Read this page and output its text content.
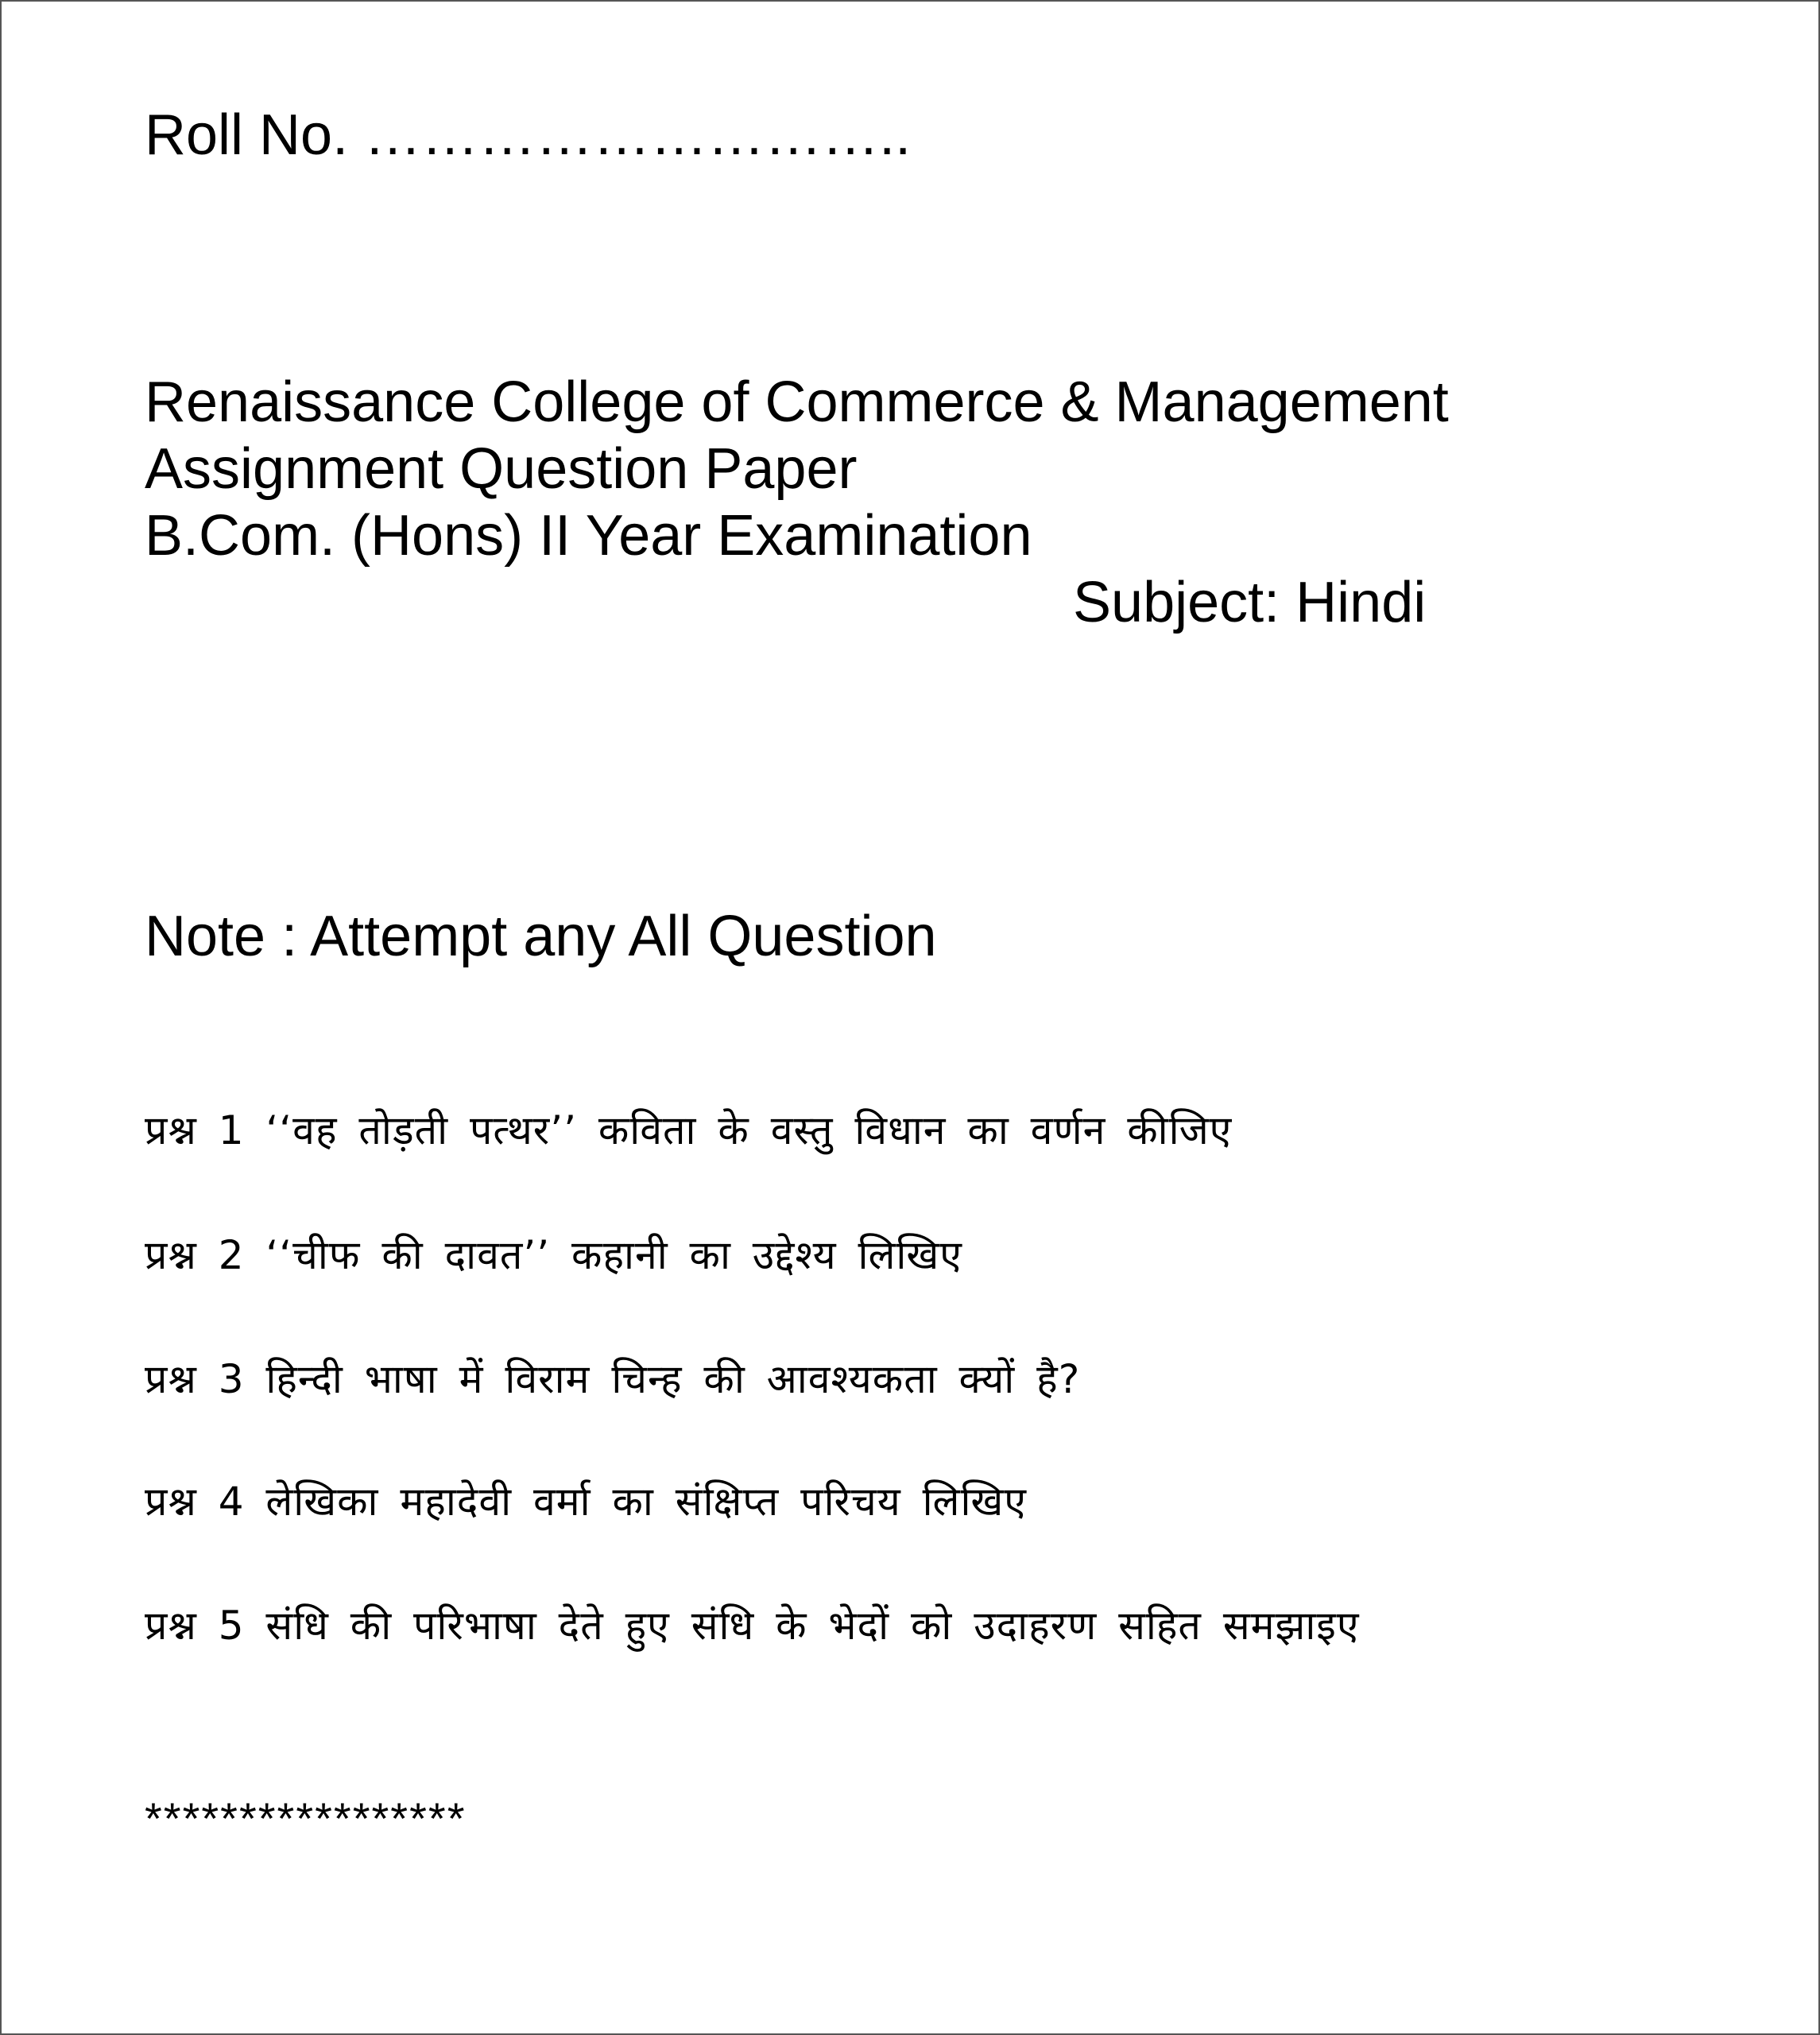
Roll No. ………………………..
Renaissance College of Commerce & Management
Assignment Question Paper
B.Com. (Hons) II Year Examination
Subject: Hindi
Note : Attempt any All Question
प्रश्न 1 ‘‘वह तोड़ती पत्थर’’ कविता के वस्तु विधान का वर्णन कीजिए
प्रश्न 2 ‘‘चीफ की दावत’’ कहानी का उद्देश्य लिखिए
प्रश्न 3 हिन्दी भाषा में विराम चिन्ह की आवश्यकता क्यों है?
प्रश्न 4 लेखिका महादेवी वर्मा का संक्षिप्त परिचय लिखिए
प्रश्न 5 संधि की परिभाषा देते हुए संधि के भेदों को उदाहरण सहित समझाइए
*****************
